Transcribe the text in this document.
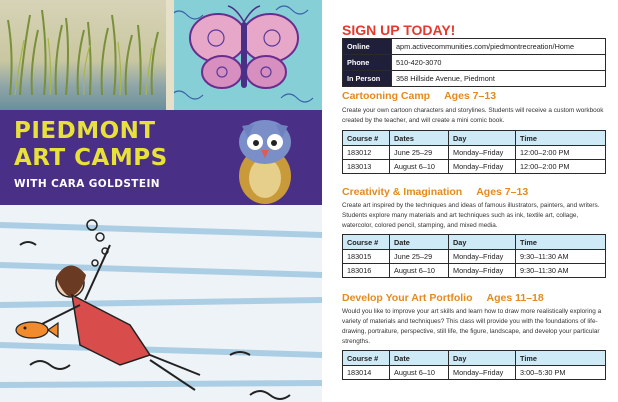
PIEDMONT
ART CAMPS
WITH CARA GOLDSTEIN
SIGN UP TODAY!
Online	apm.activecommunities.com/piedmontrecreation/Home
Phone	510-420-3070
In Person	358 Hillside Avenue, Piedmont
Cartooning Camp Ages 7–13
Create your own cartoon characters and storylines. Students will receive a custom workbook created by the teacher, and will create a mini comic book.
Course #	Dates	Day	Time
183012	June 25–29	Monday–Friday	12:00–2:00 PM
183013	August 6–10	Monday–Friday	12:00–2:00 PM
Creativity & Imagination Ages 7–13
Create art inspired by the techniques and ideas of famous illustrators, painters, and writers. Students explore many materials and art techniques such as ink, textile art, collage, watercolor, colored pencil, stamping, and mixed media.
Course #	Date	Day	Time
183015	June 25–29	Monday–Friday	9:30–11:30 AM
183016	August 6–10	Monday–Friday	9:30–11:30 AM
Develop Your Art Portfolio Ages 11–18
Would you like to improve your art skills and learn how to draw more realistically exploring a variety of materials and techniques? This class will provide you with the foundations of life-drawing, portraiture, perspective, still life, the figure, landscape, and develop your particular strengths.
Course #	Date	Day	Time
183014	August 6–10	Monday–Friday	3:00–5:30 PM
